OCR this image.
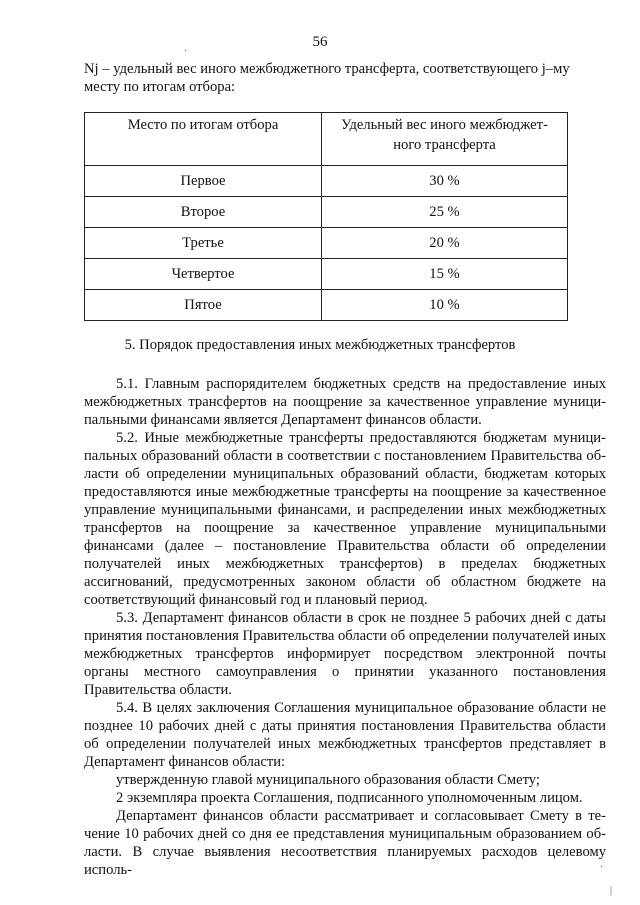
56
Nj – удельный вес иного межбюджетного трансферта, соответствующего j–му
месту по итогам отбора:
Место по итогам отбора	Удельный вес иного межбюджет-
ного трансферта
Первое	30 %
Второе	25 %
Третье	20 %
Четвертое	15 %
Пятое	10 %
5. Порядок предоставления иных межбюджетных трансфертов

5.1. Главным распорядителем бюджетных средств на предоставление иных межбюджетных трансфертов на поощрение за качественное управление муниципальными финансами является Департамент финансов области.

5.2. Иные межбюджетные трансферты предоставляются бюджетам муниципальных образований области в соответствии с постановлением Правительства области об определении муниципальных образований области, бюджетам которых предоставляются иные межбюджетные трансферты на поощрение за качественное управление муниципальными финансами, и распределении иных межбюджетных трансфертов на поощрение за качественное управление муниципальными финансами (далее – постановление Правительства области об определении получателей иных межбюджетных трансфертов) в пределах бюджетных ассигнований, предусмотренных законом области об областном бюджете на соответствующий финансовый год и плановый период.

5.3. Департамент финансов области в срок не позднее 5 рабочих дней с даты принятия постановления Правительства области об определении получателей иных межбюджетных трансфертов информирует посредством электронной почты органы местного самоуправления о принятии указанного постановления Правительства области.

5.4. В целях заключения Соглашения муниципальное образование области не позднее 10 рабочих дней с даты принятия постановления Правительства области об определении получателей иных межбюджетных трансфертов представляет в Департамент финансов области:

утвержденную главой муниципального образования области Смету;

2 экземпляра проекта Соглашения, подписанного уполномоченным лицом.

Департамент финансов области рассматривает и согласовывает Смету в течение 10 рабочих дней со дня ее представления муниципальным образованием области. В случае выявления несоответствия планируемых расходов целевому исполь-

·
·
|
